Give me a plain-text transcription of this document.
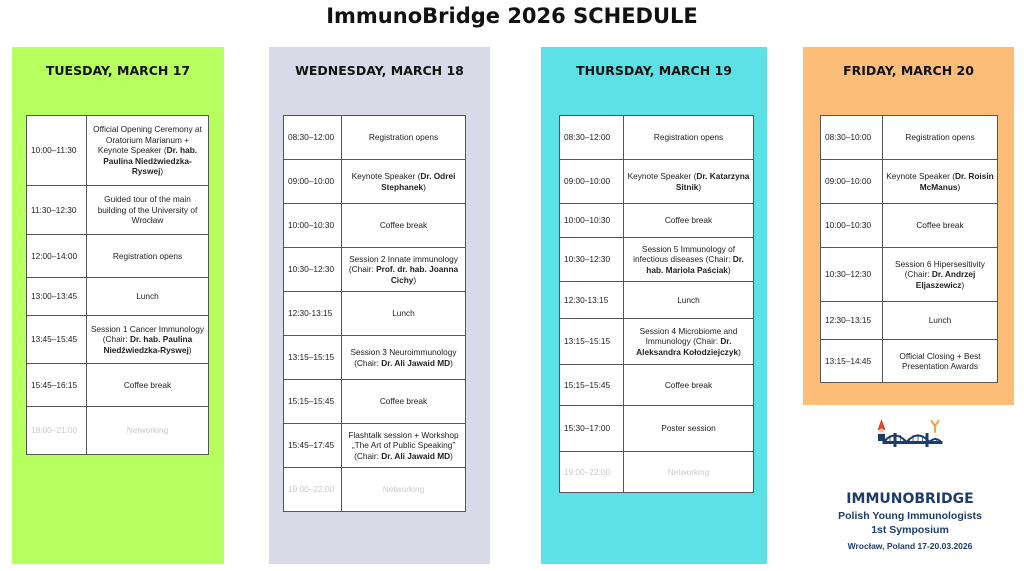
ImmunoBridge 2026 SCHEDULE
TUESDAY, MARCH 17
10:00–11:30	Official Opening Ceremony at Oratorium Marianum + Keynote Speaker (Dr. hab. Paulina Niedźwiedzka-Ryswej)
11:30–12:30	Guided tour of the main building of the University of Wrocław
12:00–14:00	Registration opens
13:00–13:45	Lunch
13:45–15:45	Session 1 Cancer Immunology (Chair: Dr. hab. Paulina Niedźwiedzka-Ryswej)
15:45–16:15	Coffee break
18:00–21:00	Networking
WEDNESDAY, MARCH 18
08:30–12:00	Registration opens
09:00–10:00	Keynote Speaker (Dr. Odrei Stephanek)
10:00–10:30	Coffee break
10:30–12:30	Session 2 Innate immunology (Chair: Prof. dr. hab. Joanna Cichy)
12:30-13:15	Lunch
13:15–15:15	Session 3 Neuroimmunology (Chair: Dr. Ali Jawaid MD)
15:15–15:45	Coffee break
15:45–17:45	Flashtalk session + Workshop „The Art of Public Speaking” (Chair: Dr. Ali Jawaid MD)
19:00–22:00	Networking
THURSDAY, MARCH 19
08:30–12:00	Registration opens
09:00–10:00	Keynote Speaker (Dr. Katarzyna Sitnik)
10:00–10:30	Coffee break
10:30–12:30	Session 5 Immunology of infectious diseases (Chair: Dr. hab. Mariola Paściak)
12:30-13:15	Lunch
13:15–15:15	Session 4 Microbiome and Immunology (Chair: Dr. Aleksandra Kołodziejczyk)
15:15–15:45	Coffee break
15:30–17:00	Poster session
19:00–22:00	Networking
FRIDAY, MARCH 20
08:30–10:00	Registration opens
09:00–10:00	Keynote Speaker (Dr. Roisin McManus)
10:00–10:30	Coffee break
10:30–12:30	Session 6 Hipersesitivity (Chair: Dr. Andrzej Eljaszewicz)
12:30–13:15	Lunch
13:15–14:45	Official Closing + Best Presentation Awards
IMMUNOBRIDGE
Polish Young Immunologists
1st Symposium
Wrocław, Poland 17-20.03.2026
